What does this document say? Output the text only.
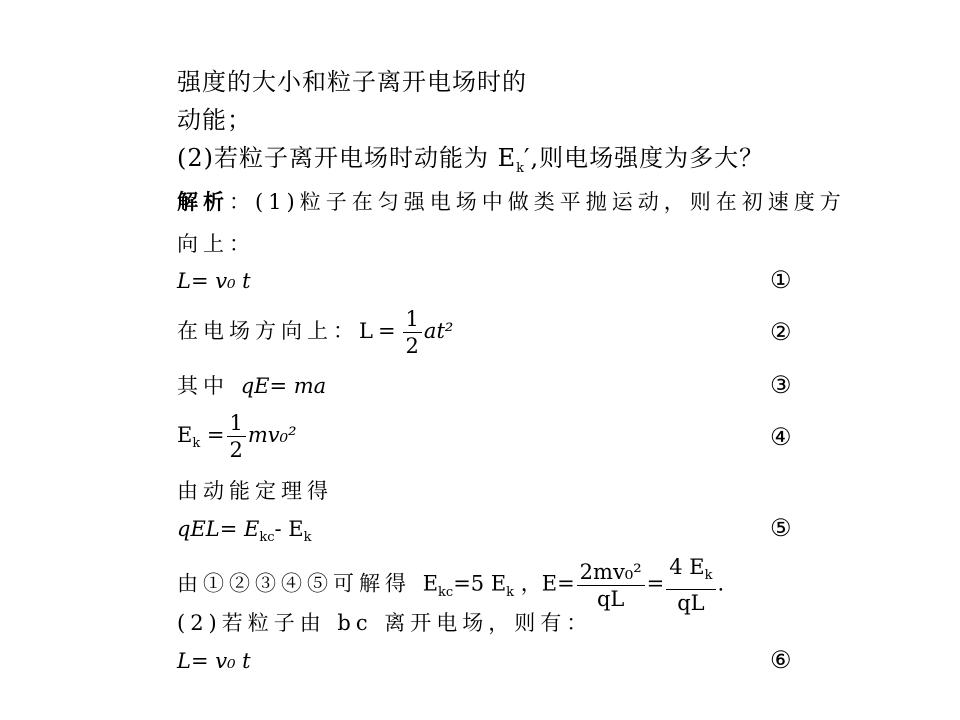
强度的大小和粒子离开电场时的
动能；
(2)若粒子离开电场时动能为 $E_k'$,则电场强度为多大？
解析：(1)粒子在匀强电场中做类平抛运动，则在初速度方
向上：
L= v₀ t	①
在电场方向上：$L= \frac{1}{2} at^2$	②
其中 qE= ma	③
$E_k = \frac{1}{2} mv_0^2$	④
由动能定理得
$qEL= E_{kc}-$ $E_k$	⑤
由①②③④⑤可解得 $E_{kc}=5$ $E_k$ ，$E= \frac{\text{2mv₀²}}{qL} = \frac{4 E_k}{qL}$ .
(2)若粒子由 bc 离开电场，则有：
L= v₀ t	⑥
